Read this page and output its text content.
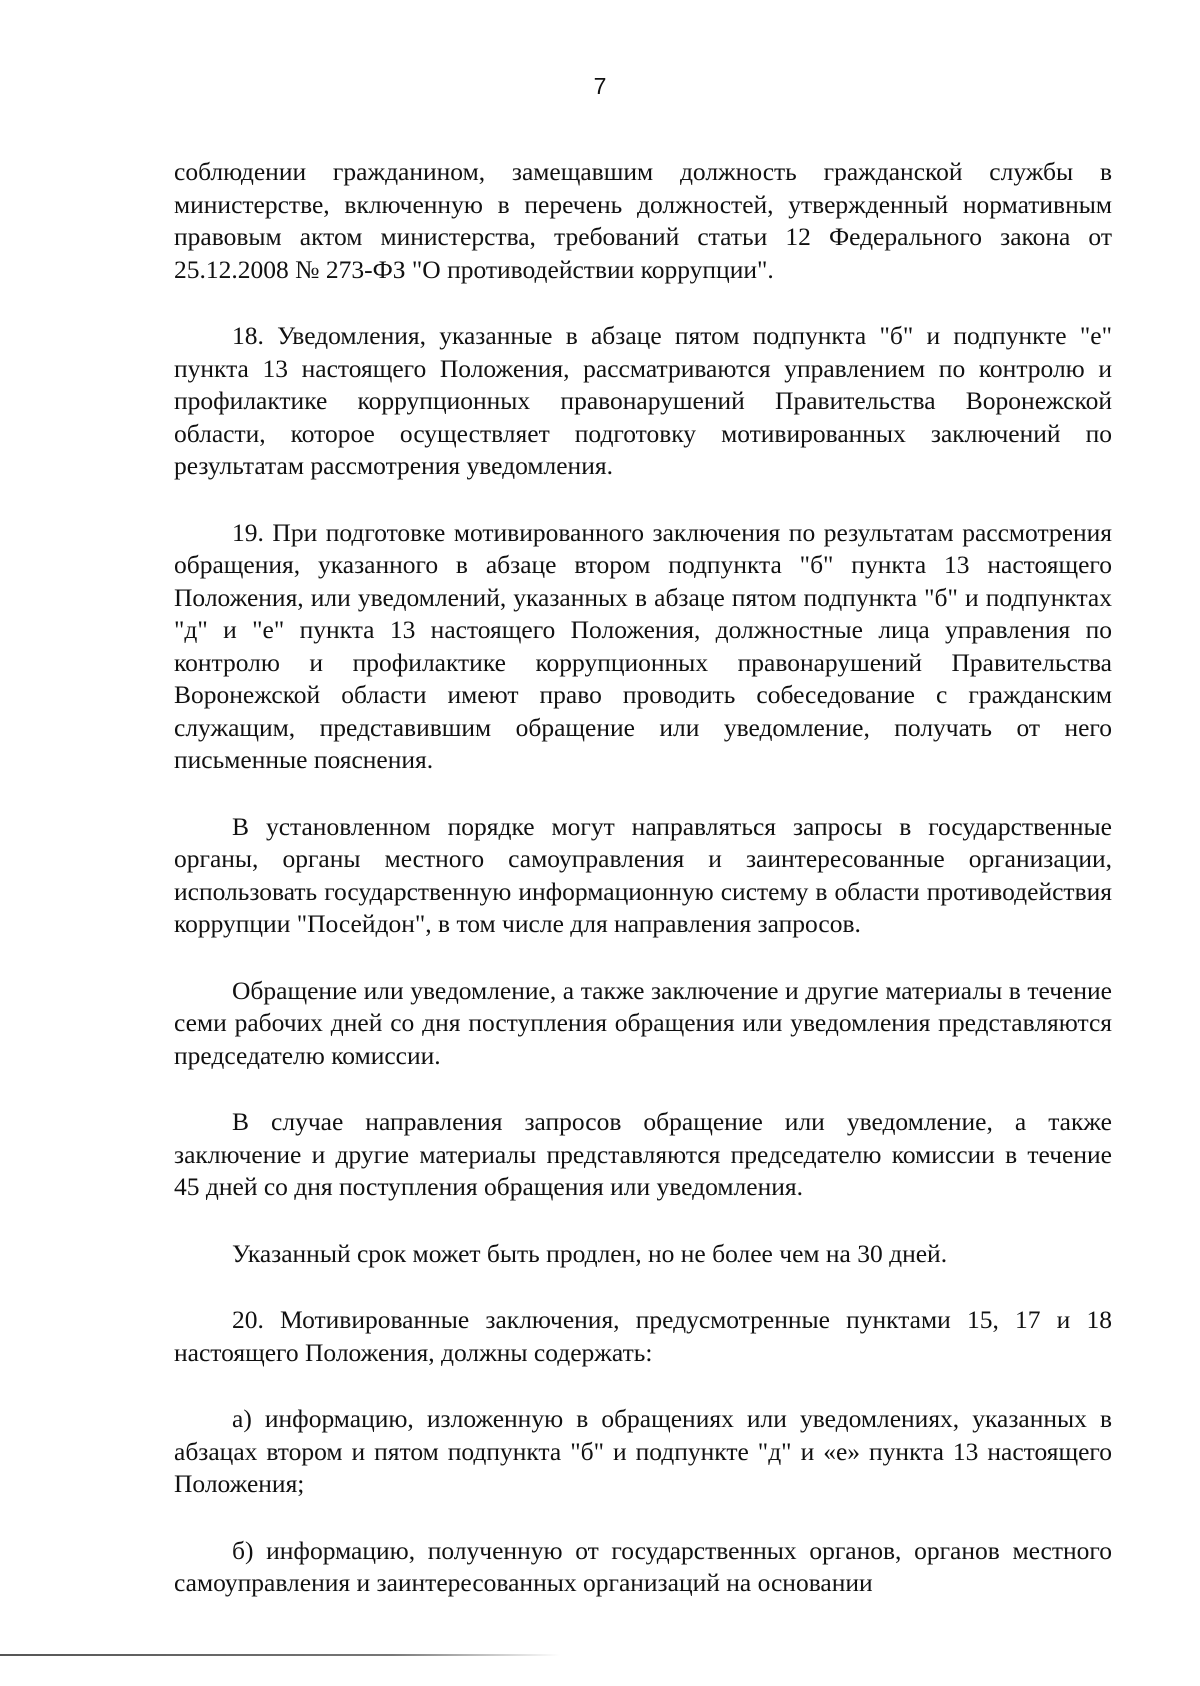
7

соблюдении гражданином, замещавшим должность гражданской службы в министерстве, включенную в перечень должностей, утвержденный нормативным правовым актом министерства, требований статьи 12 Федерального закона от 25.12.2008 № 273-ФЗ "О противодействии коррупции".

18. Уведомления, указанные в абзаце пятом подпункта "б" и подпункте "е" пункта 13 настоящего Положения, рассматриваются управлением по контролю и профилактике коррупционных правонарушений Правительства Воронежской области, которое осуществляет подготовку мотивированных заключений по результатам рассмотрения уведомления.

19. При подготовке мотивированного заключения по результатам рассмотрения обращения, указанного в абзаце втором подпункта "б" пункта 13 настоящего Положения, или уведомлений, указанных в абзаце пятом подпункта "б" и подпунктах "д" и "е" пункта 13 настоящего Положения, должностные лица управления по контролю и профилактике коррупционных правонарушений Правительства Воронежской области имеют право проводить собеседование с гражданским служащим, представившим обращение или уведомление, получать от него письменные пояснения.

В установленном порядке могут направляться запросы в государственные органы, органы местного самоуправления и заинтересованные организации, использовать государственную информационную систему в области противодействия коррупции "Посейдон", в том числе для направления запросов.

Обращение или уведомление, а также заключение и другие материалы в течение семи рабочих дней со дня поступления обращения или уведомления представляются председателю комиссии.

В случае направления запросов обращение или уведомление, а также заключение и другие материалы представляются председателю комиссии в течение 45 дней со дня поступления обращения или уведомления.

Указанный срок может быть продлен, но не более чем на 30 дней.

20. Мотивированные заключения, предусмотренные пунктами 15, 17 и 18 настоящего Положения, должны содержать:

а) информацию, изложенную в обращениях или уведомлениях, указанных в абзацах втором и пятом подпункта "б" и подпункте "д" и «е» пункта 13 настоящего Положения;

б) информацию, полученную от государственных органов, органов местного самоуправления и заинтересованных организаций на основании
